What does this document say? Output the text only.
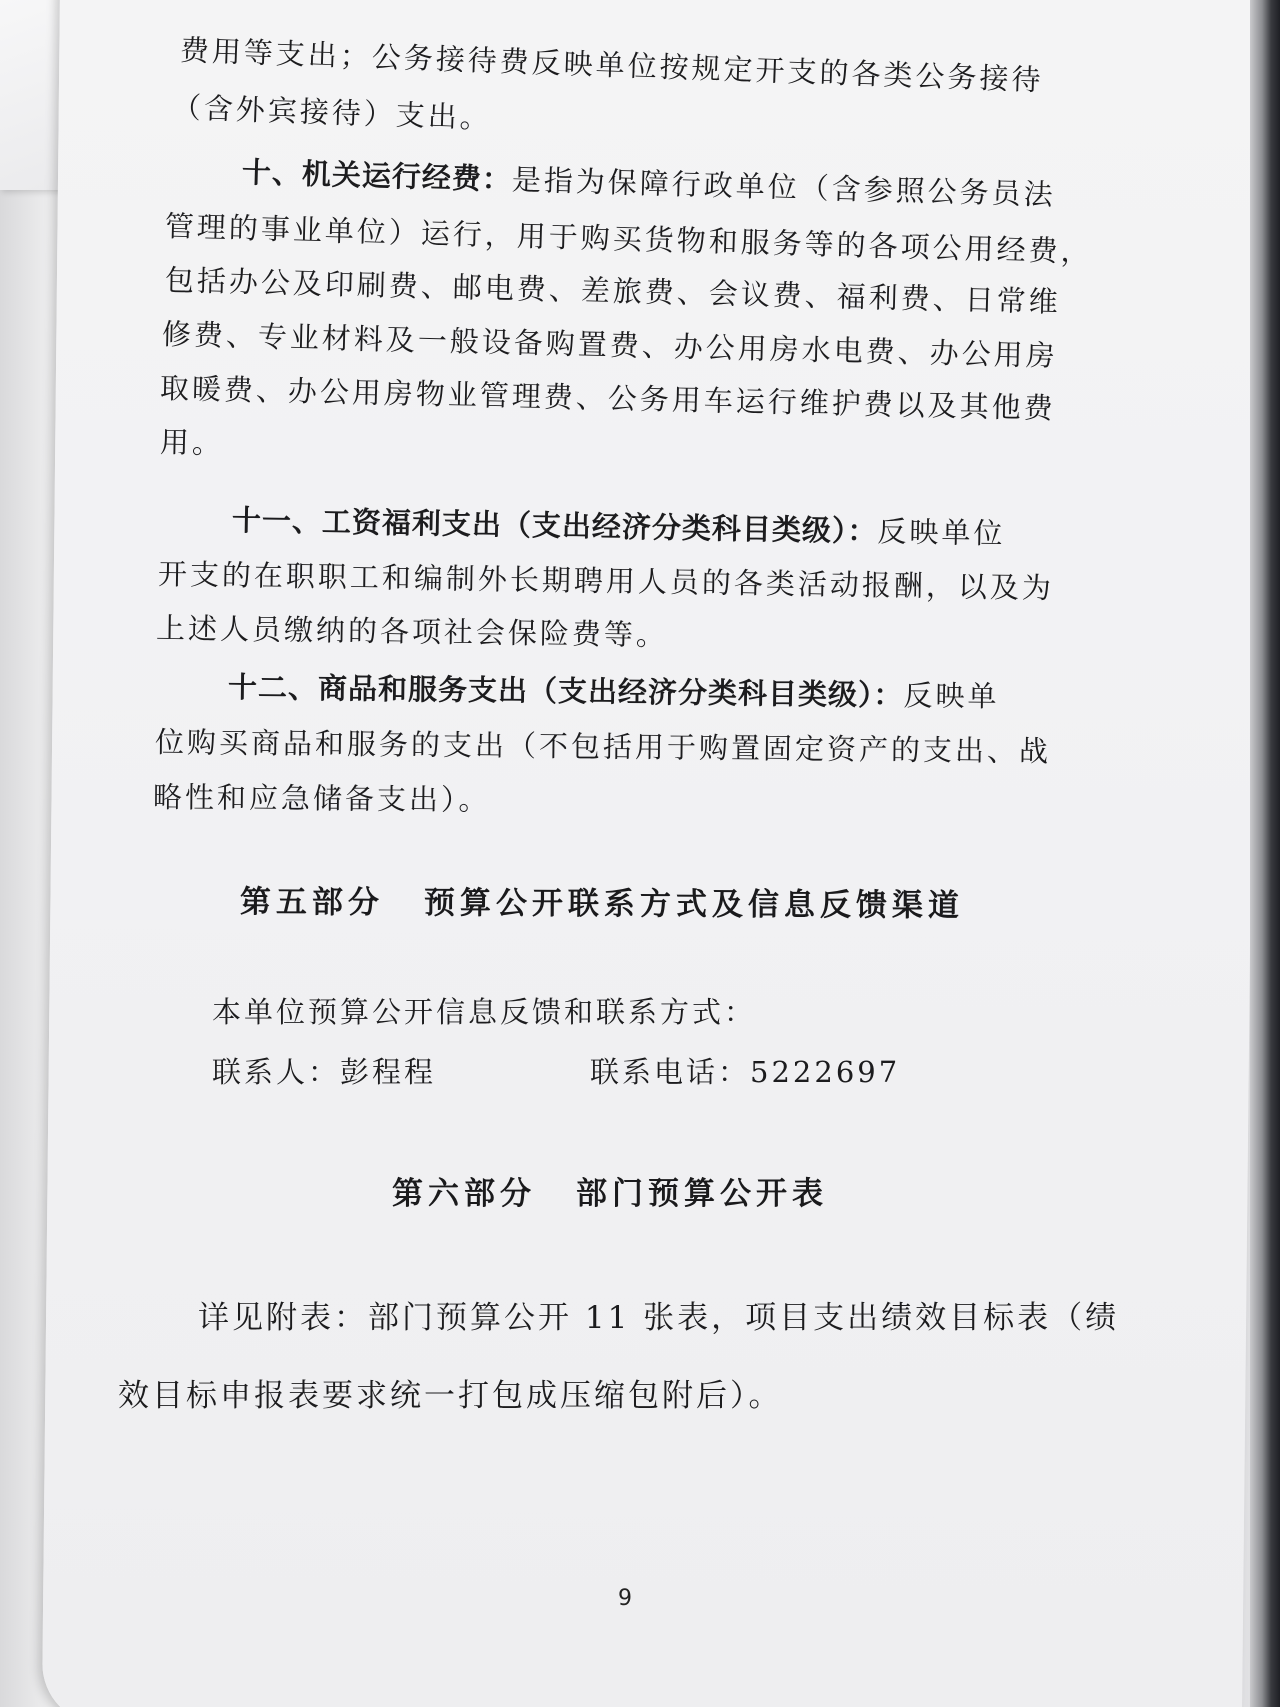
费用等支出；公务接待费反映单位按规定开支的各类公务接待
（含外宾接待）支出。
十、机关运行经费：是指为保障行政单位（含参照公务员法
管理的事业单位）运行，用于购买货物和服务等的各项公用经费，
包括办公及印刷费、邮电费、差旅费、会议费、福利费、日常维
修费、专业材料及一般设备购置费、办公用房水电费、办公用房
取暖费、办公用房物业管理费、公务用车运行维护费以及其他费
用。
十一、工资福利支出（支出经济分类科目类级）：反映单位
开支的在职职工和编制外长期聘用人员的各类活动报酬，以及为
上述人员缴纳的各项社会保险费等。
十二、商品和服务支出（支出经济分类科目类级）：反映单
位购买商品和服务的支出（不包括用于购置固定资产的支出、战
略性和应急储备支出）。
第五部分 预算公开联系方式及信息反馈渠道
本单位预算公开信息反馈和联系方式：
联系人：彭程程	联系电话：5222697
第六部分 部门预算公开表
详见附表：部门预算公开 11 张表，项目支出绩效目标表（绩
效目标申报表要求统一打包成压缩包附后）。
9
